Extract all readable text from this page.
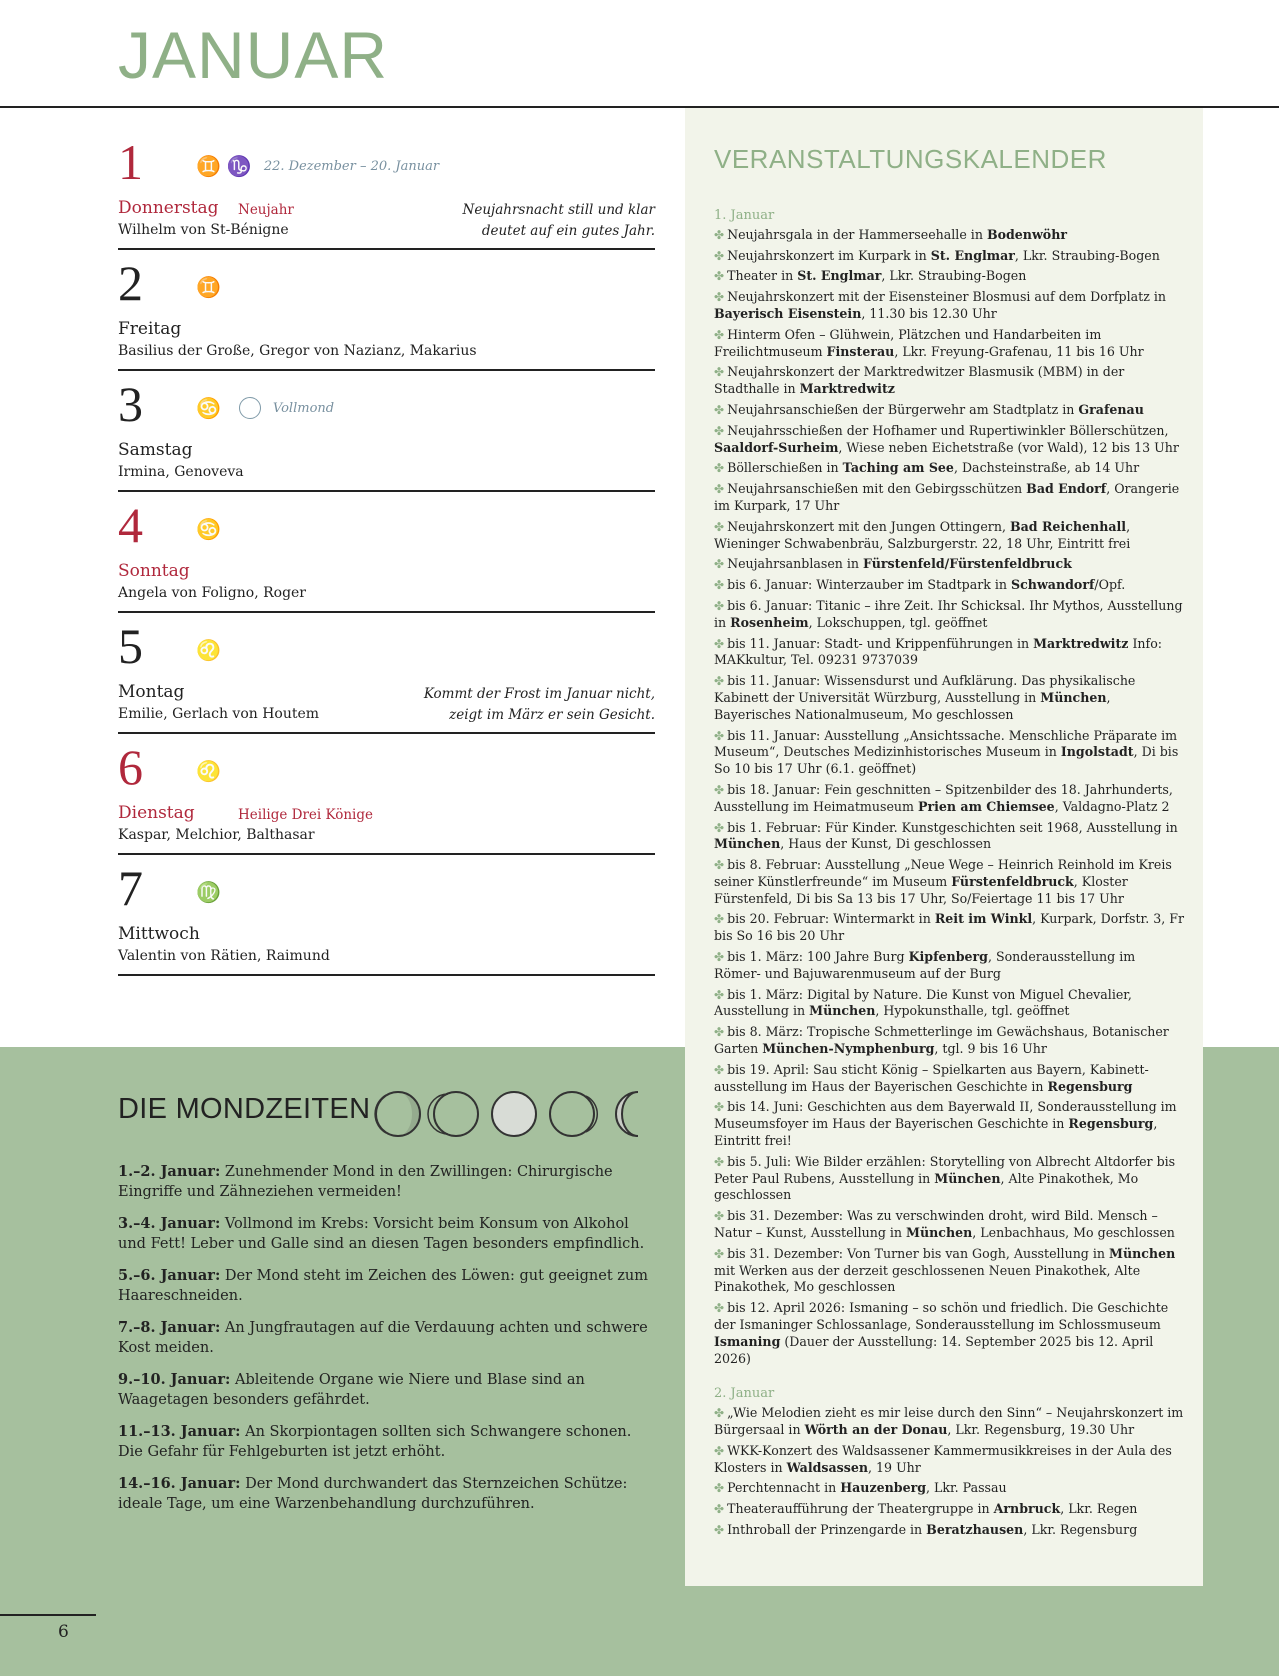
JANUAR
1	♊ ♑ 22. Dezember – 20. Januar
Donnerstag Neujahr
Wilhelm von St-Bénigne
Neujahrsnacht still und klar
deutet auf ein gutes Jahr.
2	♊
Freitag
Basilius der Große, Gregor von Nazianz, Makarius
3	♋	Vollmond
Samstag
Irmina, Genoveva
4	♋
Sonntag
Angela von Foligno, Roger
5	♌
Montag
Emilie, Gerlach von Houtem
Kommt der Frost im Januar nicht,
zeigt im März er sein Gesicht.
6	♌
Dienstag	Heilige Drei Könige
Kaspar, Melchior, Balthasar
7	♍
Mittwoch
Valentin von Rätien, Raimund
VERANSTALTUNGSKALENDER
1. Januar
✤ Neujahrsgala in der Hammerseehalle in Bodenwöhr
✤ Neujahrskonzert im Kurpark in St. Englmar, Lkr. Straubing-Bogen
✤ Theater in St. Englmar, Lkr. Straubing-Bogen
✤ Neujahrskonzert mit der Eisensteiner Blosmusi auf dem Dorfplatz in Bayerisch Eisenstein, 11.30 bis 12.30 Uhr
✤ Hinterm Ofen – Glühwein, Plätzchen und Handarbeiten im Freilichtmuseum Finsterau, Lkr. Freyung-Grafenau, 11 bis 16 Uhr
✤ Neujahrskonzert der Marktredwitzer Blasmusik (MBM) in der Stadthalle in Marktredwitz
✤ Neujahrsanschießen der Bürgerwehr am Stadtplatz in Grafenau
✤ Neujahrsschießen der Hofhamer und Rupertiwinkler Böllerschützen, Saaldorf-Surheim, Wiese neben Eichetstraße (vor Wald), 12 bis 13 Uhr
✤ Böllerschießen in Taching am See, Dachsteinstraße, ab 14 Uhr
✤ Neujahrsanschießen mit den Gebirgsschützen Bad Endorf, Orangerie im Kurpark, 17 Uhr
✤ Neujahrskonzert mit den Jungen Ottingern, Bad Reichenhall, Wieninger Schwabenbräu, Salzburgerstr. 22, 18 Uhr, Eintritt frei
✤ Neujahrsanblasen in Fürstenfeld/Fürstenfeldbruck
✤ bis 6. Januar: Winterzauber im Stadtpark in Schwandorf/Opf.
✤ bis 6. Januar: Titanic – ihre Zeit. Ihr Schicksal. Ihr Mythos, Ausstellung in Rosenheim, Lokschuppen, tgl. geöffnet
✤ bis 11. Januar: Stadt- und Krippenführungen in Marktredwitz Info: MAKkultur, Tel. 09231 9737039
✤ bis 11. Januar: Wissensdurst und Aufklärung. Das physikalische Kabinett der Universität Würzburg, Ausstellung in München, Bayerisches Nationalmuseum, Mo geschlossen
✤ bis 11. Januar: Ausstellung „Ansichtssache. Menschliche Präparate im Museum“, Deutsches Medizinhistorisches Museum in Ingolstadt, Di bis So 10 bis 17 Uhr (6.1. geöffnet)
✤ bis 18. Januar: Fein geschnitten – Spitzenbilder des 18. Jahrhunderts, Ausstellung im Heimatmuseum Prien am Chiemsee, Valdagno-Platz 2
✤ bis 1. Februar: Für Kinder. Kunstgeschichten seit 1968, Ausstellung in München, Haus der Kunst, Di geschlossen
✤ bis 8. Februar: Ausstellung „Neue Wege – Heinrich Reinhold im Kreis seiner Künstlerfreunde“ im Museum Fürstenfeldbruck, Kloster Fürstenfeld, Di bis Sa 13 bis 17 Uhr, So/Feiertage 11 bis 17 Uhr
✤ bis 20. Februar: Wintermarkt in Reit im Winkl, Kurpark, Dorfstr. 3, Fr bis So 16 bis 20 Uhr
✤ bis 1. März: 100 Jahre Burg Kipfenberg, Sonderausstellung im Römer- und Bajuwarenmuseum auf der Burg
✤ bis 1. März: Digital by Nature. Die Kunst von Miguel Chevalier, Ausstellung in München, Hypokunsthalle, tgl. geöffnet
✤ bis 8. März: Tropische Schmetterlinge im Gewächshaus, Botanischer Garten München-Nymphenburg, tgl. 9 bis 16 Uhr
✤ bis 19. April: Sau sticht König – Spielkarten aus Bayern, Kabinettausstellung im Haus der Bayerischen Geschichte in Regensburg
✤ bis 14. Juni: Geschichten aus dem Bayerwald II, Sonderausstellung im Museumsfoyer im Haus der Bayerischen Geschichte in Regensburg, Eintritt frei!
✤ bis 5. Juli: Wie Bilder erzählen: Storytelling von Albrecht Altdorfer bis Peter Paul Rubens, Ausstellung in München, Alte Pinakothek, Mo geschlossen
✤ bis 31. Dezember: Was zu verschwinden droht, wird Bild. Mensch – Natur – Kunst, Ausstellung in München, Lenbachhaus, Mo geschlossen
✤ bis 31. Dezember: Von Turner bis van Gogh, Ausstellung in München mit Werken aus der derzeit geschlossenen Neuen Pinakothek, Alte Pinakothek, Mo geschlossen
✤ bis 12. April 2026: Ismaning – so schön und friedlich. Die Geschichte der Ismaninger Schlossanlage, Sonderausstellung im Schlossmuseum Ismaning (Dauer der Ausstellung: 14. September 2025 bis 12. April 2026)
2. Januar
✤ „Wie Melodien zieht es mir leise durch den Sinn“ – Neujahrskonzert im Bürgersaal in Wörth an der Donau, Lkr. Regensburg, 19.30 Uhr
✤ WKK-Konzert des Waldsassener Kammermusikkreises in der Aula des Klosters in Waldsassen, 19 Uhr
✤ Perchtennacht in Hauzenberg, Lkr. Passau
✤ Theateraufführung der Theatergruppe in Arnbruck, Lkr. Regen
✤ Inthroball der Prinzengarde in Beratzhausen, Lkr. Regensburg
DIE MONDZEITEN

1.–2. Januar: Zunehmender Mond in den Zwillingen: Chirurgische Eingriffe und Zähneziehen vermeiden!

3.–4. Januar: Vollmond im Krebs: Vorsicht beim Konsum von Alkohol und Fett! Leber und Galle sind an diesen Tagen besonders empfindlich.

5.–6. Januar: Der Mond steht im Zeichen des Löwen: gut geeignet zum Haareschneiden.

7.–8. Januar: An Jungfrautagen auf die Verdauung achten und schwere Kost meiden.

9.–10. Januar: Ableitende Organe wie Niere und Blase sind an Waagetagen besonders gefährdet.

11.–13. Januar: An Skorpiontagen sollten sich Schwangere schonen. Die Gefahr für Fehlgeburten ist jetzt erhöht.

14.–16. Januar: Der Mond durchwandert das Sternzeichen Schütze: ideale Tage, um eine Warzenbehandlung durchzuführen.

6
